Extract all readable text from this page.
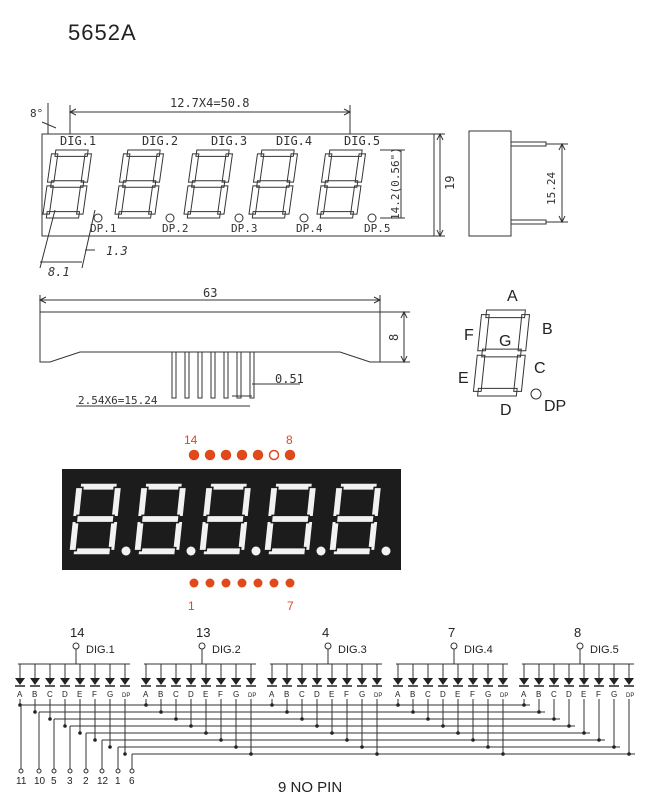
5652A
DIG.1
DP.1
DIG.2
DP.2
DIG.3
DP.3
DIG.4
DP.4
DIG.5
DP.5
8°
12.7X4=50.8
19
14.2(0.56")
8.1
1.3
15.24
63
8
0.51
2.54X6=15.24
A
B
C
D
E
F G
DP
14	8
1	7
14
DIG.1
A B C D E F G DP
13
DIG.2
A B C D E F G DP
4
DIG.3
A B C D E F G DP
7
DIG.4
A B C D E F G DP
8
DIG.5
A B C D E F G DP
11 10 5 3 2 12 1 6	9 NO PIN
